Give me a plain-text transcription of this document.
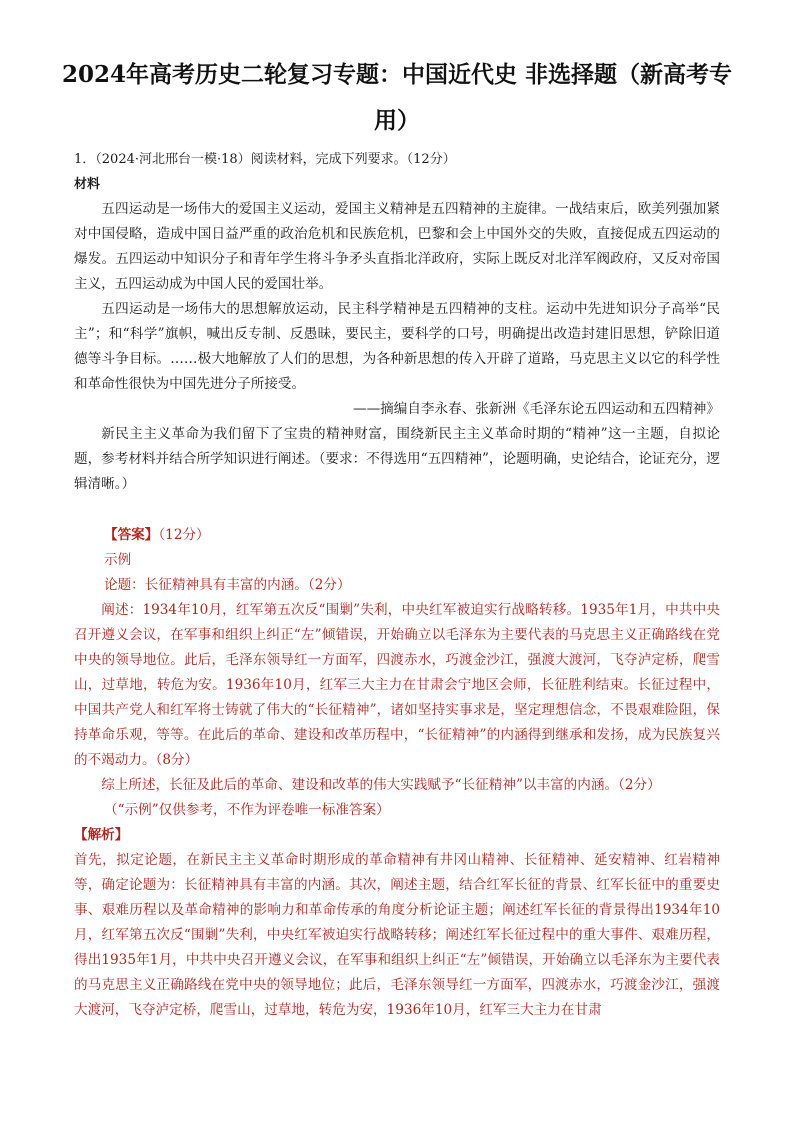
2024年高考历史二轮复习专题：中国近代史 非选择题（新高考专用）

1．（2024·河北邢台一模·18）阅读材料，完成下列要求。（12分）

材料

五四运动是一场伟大的爱国主义运动，爱国主义精神是五四精神的主旋律。一战结束后，欧美列强加紧对中国侵略，造成中国日益严重的政治危机和民族危机，巴黎和会上中国外交的失败，直接促成五四运动的爆发。五四运动中知识分子和青年学生将斗争矛头直指北洋政府，实际上既反对北洋军阀政府，又反对帝国主义，五四运动成为中国人民的爱国壮举。

五四运动是一场伟大的思想解放运动，民主科学精神是五四精神的支柱。运动中先进知识分子高举“民主”；和“科学”旗帜，喊出反专制、反愚昧，要民主，要科学的口号，明确提出改造封建旧思想，铲除旧道德等斗争目标。……极大地解放了人们的思想，为各种新思想的传入开辟了道路，马克思主义以它的科学性和革命性很快为中国先进分子所接受。

——摘编自李永春、张新洲《毛泽东论五四运动和五四精神》

新民主主义革命为我们留下了宝贵的精神财富，围绕新民主主义革命时期的“精神”这一主题，自拟论题，参考材料并结合所学知识进行阐述。（要求：不得选用“五四精神”，论题明确，史论结合，论证充分，逻辑清晰。）

【答案】（12分）

示例

论题：长征精神具有丰富的内涵。（2分）

阐述：1934年10月，红军第五次反“围剿”失利，中央红军被迫实行战略转移。1935年1月，中共中央召开遵义会议，在军事和组织上纠正“左”倾错误，开始确立以毛泽东为主要代表的马克思主义正确路线在党中央的领导地位。此后，毛泽东领导红一方面军，四渡赤水，巧渡金沙江，强渡大渡河，飞夺泸定桥，爬雪山，过草地，转危为安。1936年10月，红军三大主力在甘肃会宁地区会师，长征胜利结束。长征过程中，中国共产党人和红军将士铸就了伟大的“长征精神”，诸如坚持实事求是，坚定理想信念，不畏艰难险阻，保持革命乐观，等等。在此后的革命、建设和改革历程中，“长征精神”的内涵得到继承和发扬，成为民族复兴的不竭动力。（8分）

综上所述，长征及此后的革命、建设和改革的伟大实践赋予“长征精神”以丰富的内涵。（2分）

（“示例”仅供参考，不作为评卷唯一标准答案）

【解析】

首先，拟定论题，在新民主主义革命时期形成的革命精神有井冈山精神、长征精神、延安精神、红岩精神等，确定论题为：长征精神具有丰富的内涵。其次，阐述主题，结合红军长征的背景、红军长征中的重要史事、艰难历程以及革命精神的影响力和革命传承的角度分析论证主题；阐述红军长征的背景得出1934年10月，红军第五次反“围剿”失利，中央红军被迫实行战略转移；阐述红军长征过程中的重大事件、艰难历程，得出1935年1月，中共中央召开遵义会议，在军事和组织上纠正“左”倾错误，开始确立以毛泽东为主要代表的马克思主义正确路线在党中央的领导地位；此后，毛泽东领导红一方面军，四渡赤水，巧渡金沙江，强渡大渡河，飞夺泸定桥，爬雪山，过草地，转危为安，1936年10月，红军三大主力在甘肃
